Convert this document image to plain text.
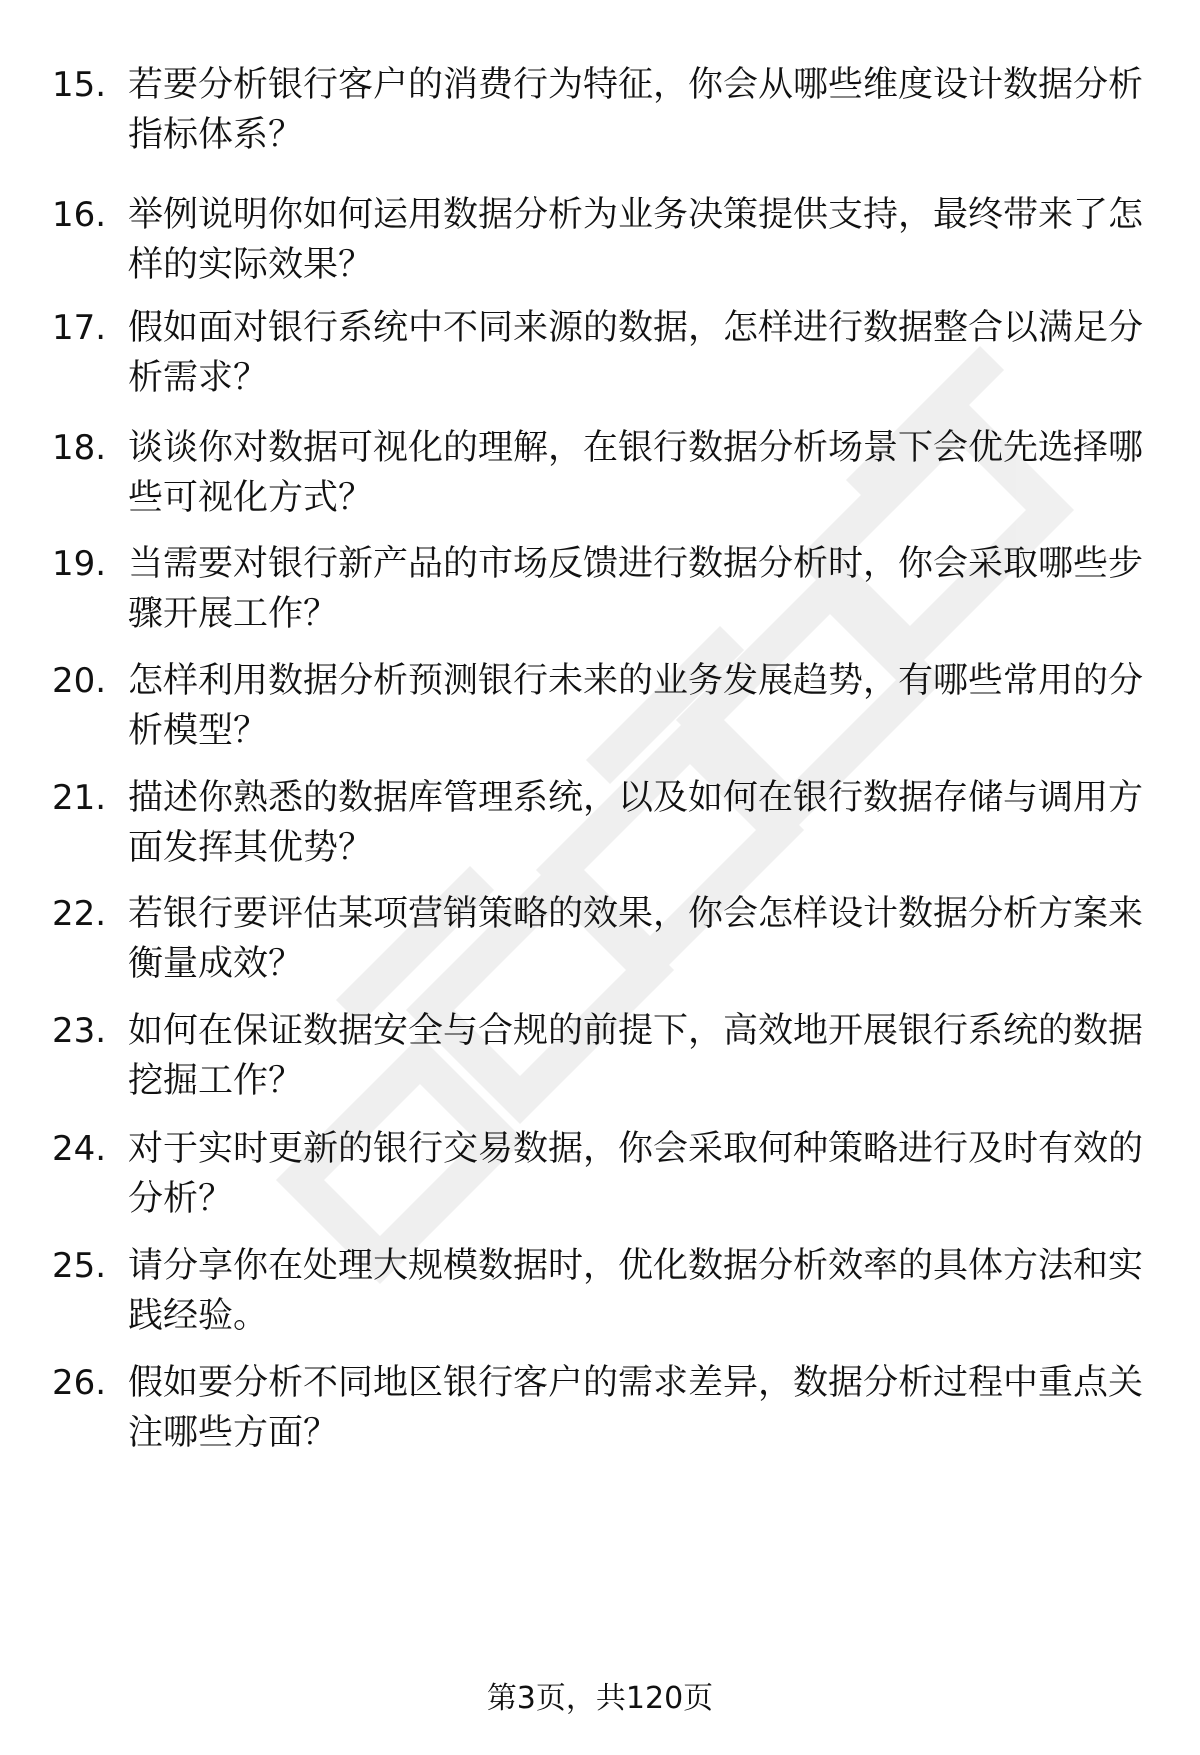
15. 若要分析银行客户的消费行为特征，你会从哪些维度设计数据分析指标体系？
16. 举例说明你如何运用数据分析为业务决策提供支持，最终带来了怎样的实际效果？
17. 假如面对银行系统中不同来源的数据，怎样进行数据整合以满足分析需求？
18. 谈谈你对数据可视化的理解，在银行数据分析场景下会优先选择哪些可视化方式？
19. 当需要对银行新产品的市场反馈进行数据分析时，你会采取哪些步骤开展工作？
20. 怎样利用数据分析预测银行未来的业务发展趋势，有哪些常用的分析模型？
21. 描述你熟悉的数据库管理系统，以及如何在银行数据存储与调用方面发挥其优势？
22. 若银行要评估某项营销策略的效果，你会怎样设计数据分析方案来衡量成效？
23. 如何在保证数据安全与合规的前提下，高效地开展银行系统的数据挖掘工作？
24. 对于实时更新的银行交易数据，你会采取何种策略进行及时有效的分析？
25. 请分享你在处理大规模数据时，优化数据分析效率的具体方法和实践经验。
26. 假如要分析不同地区银行客户的需求差异，数据分析过程中重点关注哪些方面？
第3页，共120页
